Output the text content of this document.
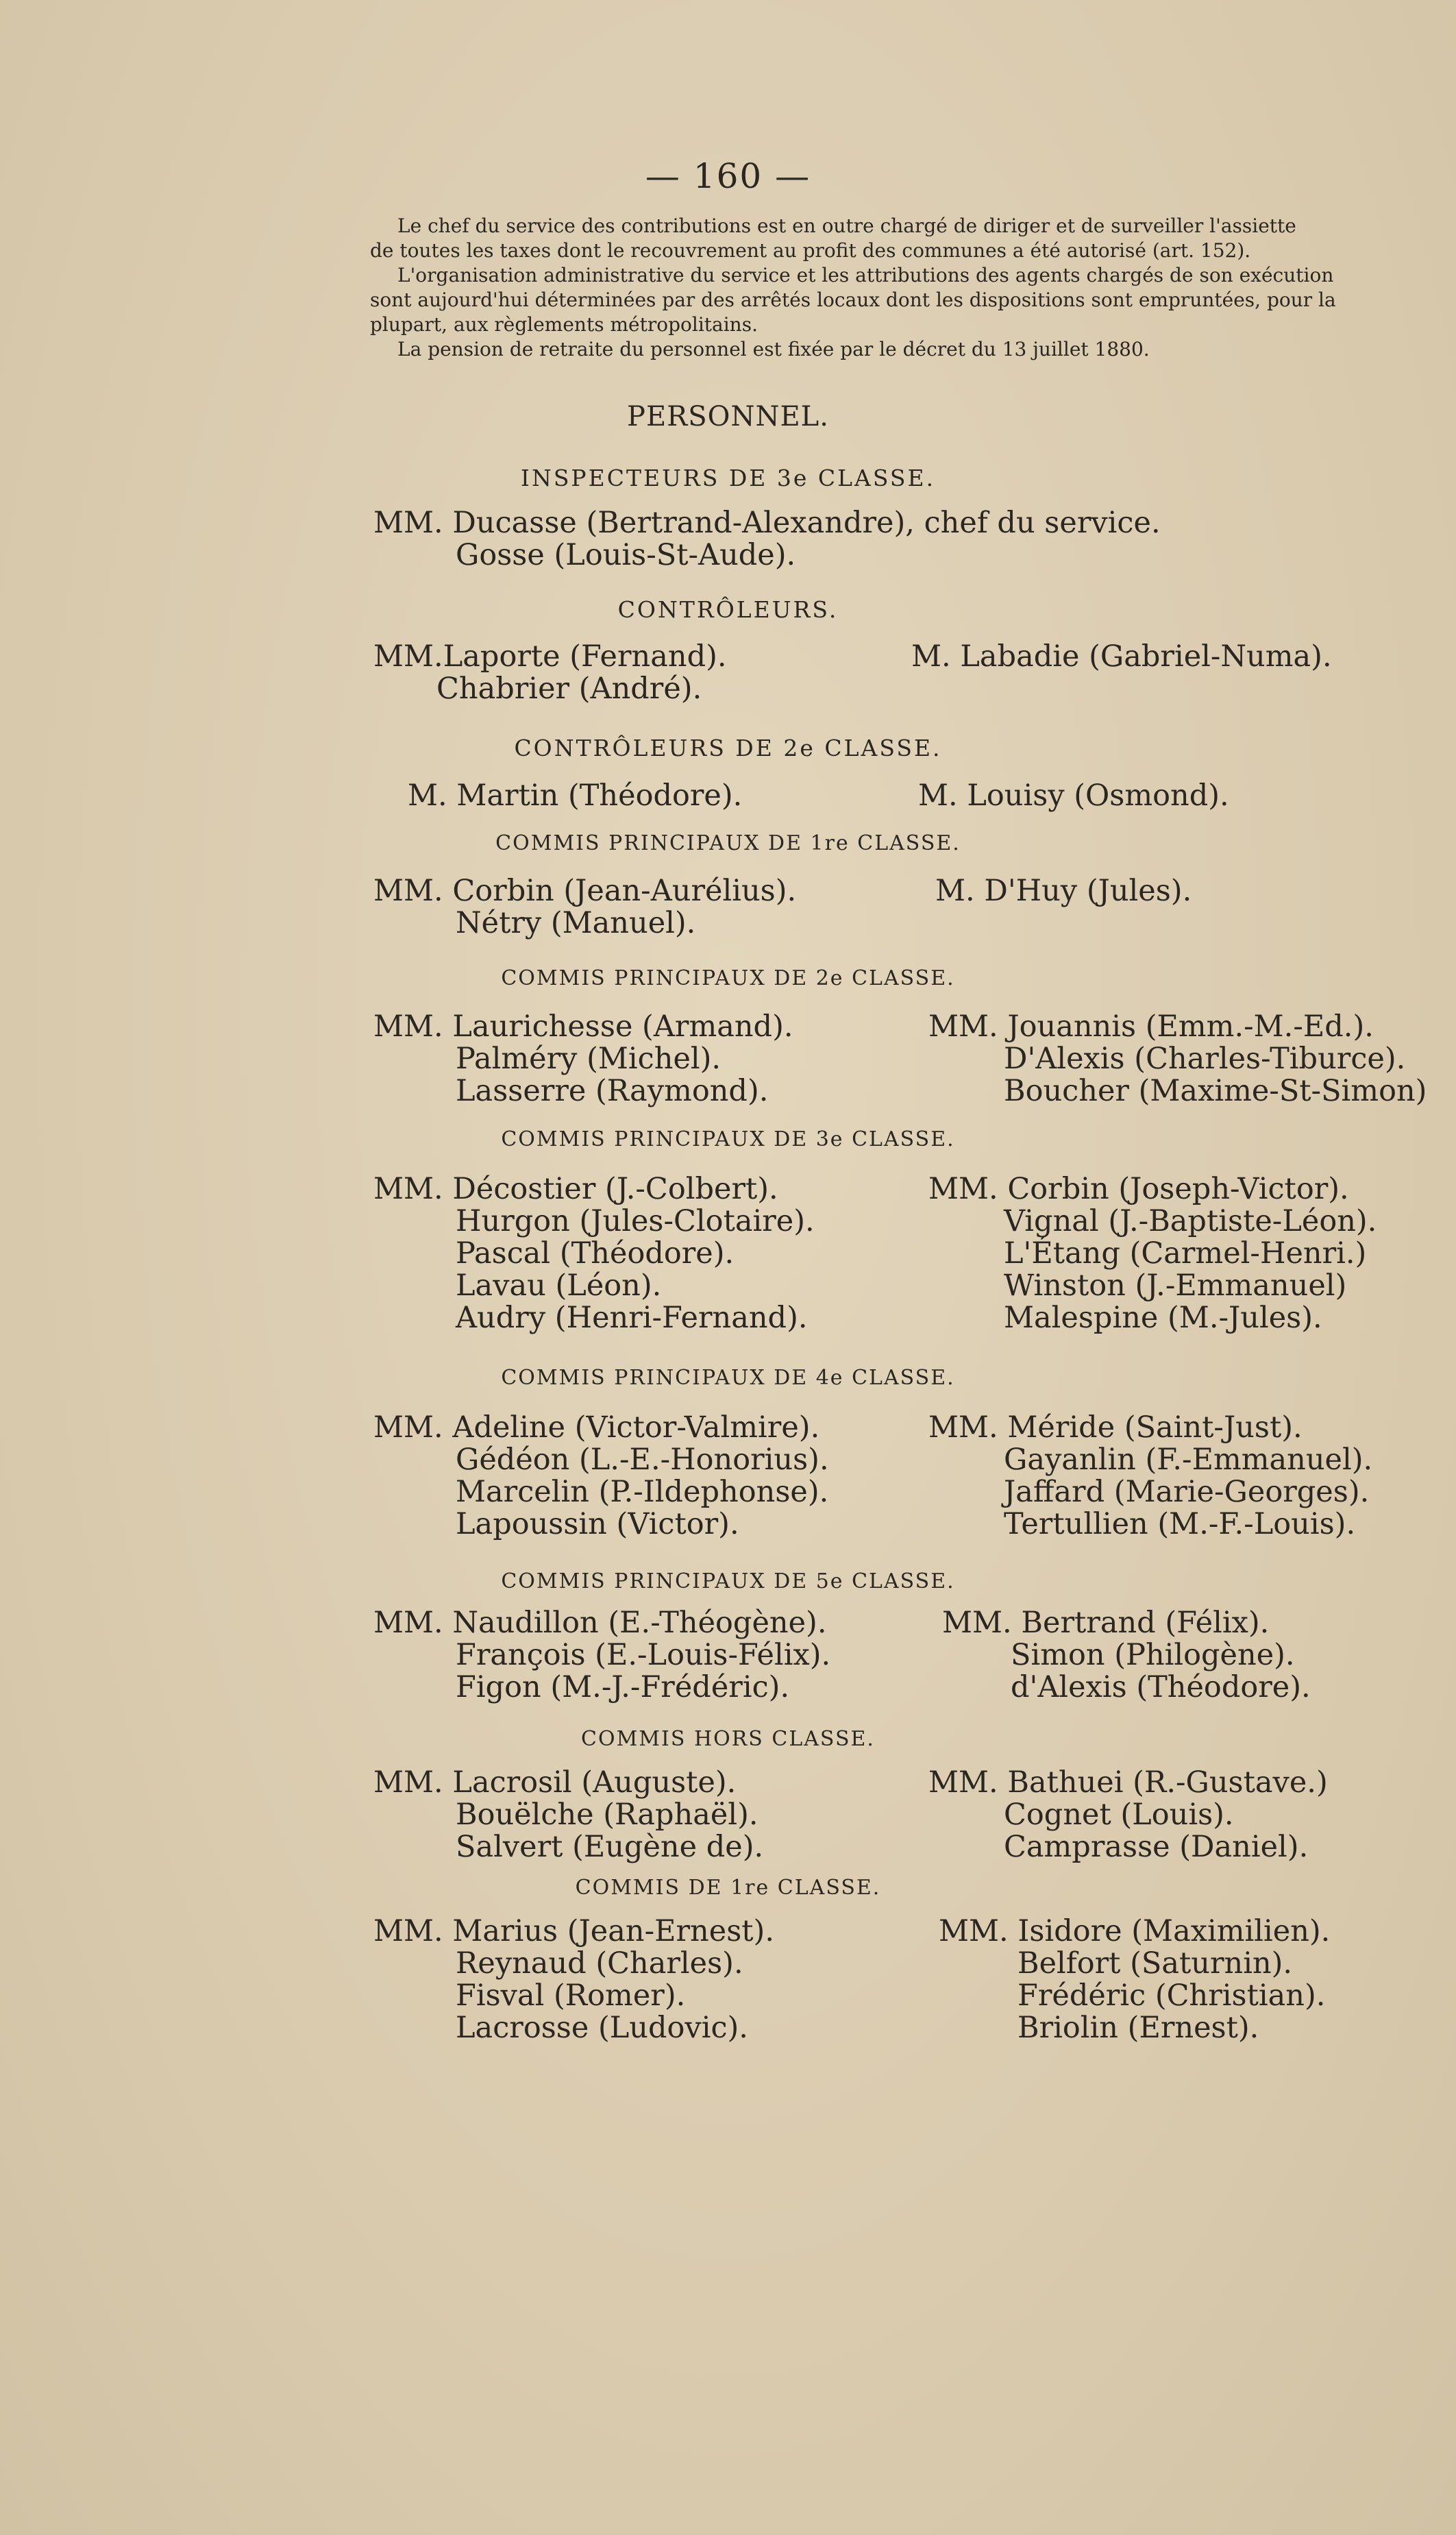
— 160 —

Le chef du service des contributions est en outre chargé de diriger et de surveiller l'assiette

de toutes les taxes dont le recouvrement au profit des communes a été autorisé (art. 152).

L'organisation administrative du service et les attributions des agents chargés de son exécution

sont aujourd'hui déterminées par des arrêtés locaux dont les dispositions sont empruntées, pour la

plupart, aux règlements métropolitains.

La pension de retraite du personnel est fixée par le décret du 13 juillet 1880.

PERSONNEL.
INSPECTEURS DE 3e CLASSE.
MM. Ducasse (Bertrand-Alexandre), chef du service.
Gosse (Louis-St-Aude).
CONTRÔLEURS.
MM.Laporte (Fernand).
Chabrier (André).
M. Labadie (Gabriel-Numa).
CONTRÔLEURS DE 2e CLASSE.
M. Martin (Théodore).	M. Louisy (Osmond).
COMMIS PRINCIPAUX DE 1re CLASSE.
MM. Corbin (Jean-Aurélius).
Nétry (Manuel).
M. D'Huy (Jules).
COMMIS PRINCIPAUX DE 2e CLASSE.
MM. Laurichesse (Armand).
Palméry (Michel).
Lasserre (Raymond).
MM. Jouannis (Emm.-M.-Ed.).
D'Alexis (Charles-Tiburce).
Boucher (Maxime-St-Simon)
COMMIS PRINCIPAUX DE 3e CLASSE.
MM. Décostier (J.-Colbert).
Hurgon (Jules-Clotaire).
Pascal (Théodore).
Lavau (Léon).
Audry (Henri-Fernand).
MM. Corbin (Joseph-Victor).
Vignal (J.-Baptiste-Léon).
L'Étang (Carmel-Henri.)
Winston (J.-Emmanuel)
Malespine (M.-Jules).
COMMIS PRINCIPAUX DE 4e CLASSE.
MM. Adeline (Victor-Valmire).
Gédéon (L.-E.-Honorius).
Marcelin (P.-Ildephonse).
Lapoussin (Victor).
MM. Méride (Saint-Just).
Gayanlin (F.-Emmanuel).
Jaffard (Marie-Georges).
Tertullien (M.-F.-Louis).
COMMIS PRINCIPAUX DE 5e CLASSE.
MM. Naudillon (E.-Théogène).
François (E.-Louis-Félix).
Figon (M.-J.-Frédéric).
MM. Bertrand (Félix).
Simon (Philogène).
d'Alexis (Théodore).
COMMIS HORS CLASSE.
MM. Lacrosil (Auguste).
Bouëlche (Raphaël).
Salvert (Eugène de).
MM. Bathuei (R.-Gustave.)
Cognet (Louis).
Camprasse (Daniel).
COMMIS DE 1re CLASSE.
MM. Marius (Jean-Ernest).
Reynaud (Charles).
Fisval (Romer).
Lacrosse (Ludovic).
MM. Isidore (Maximilien).
Belfort (Saturnin).
Frédéric (Christian).
Briolin (Ernest).
